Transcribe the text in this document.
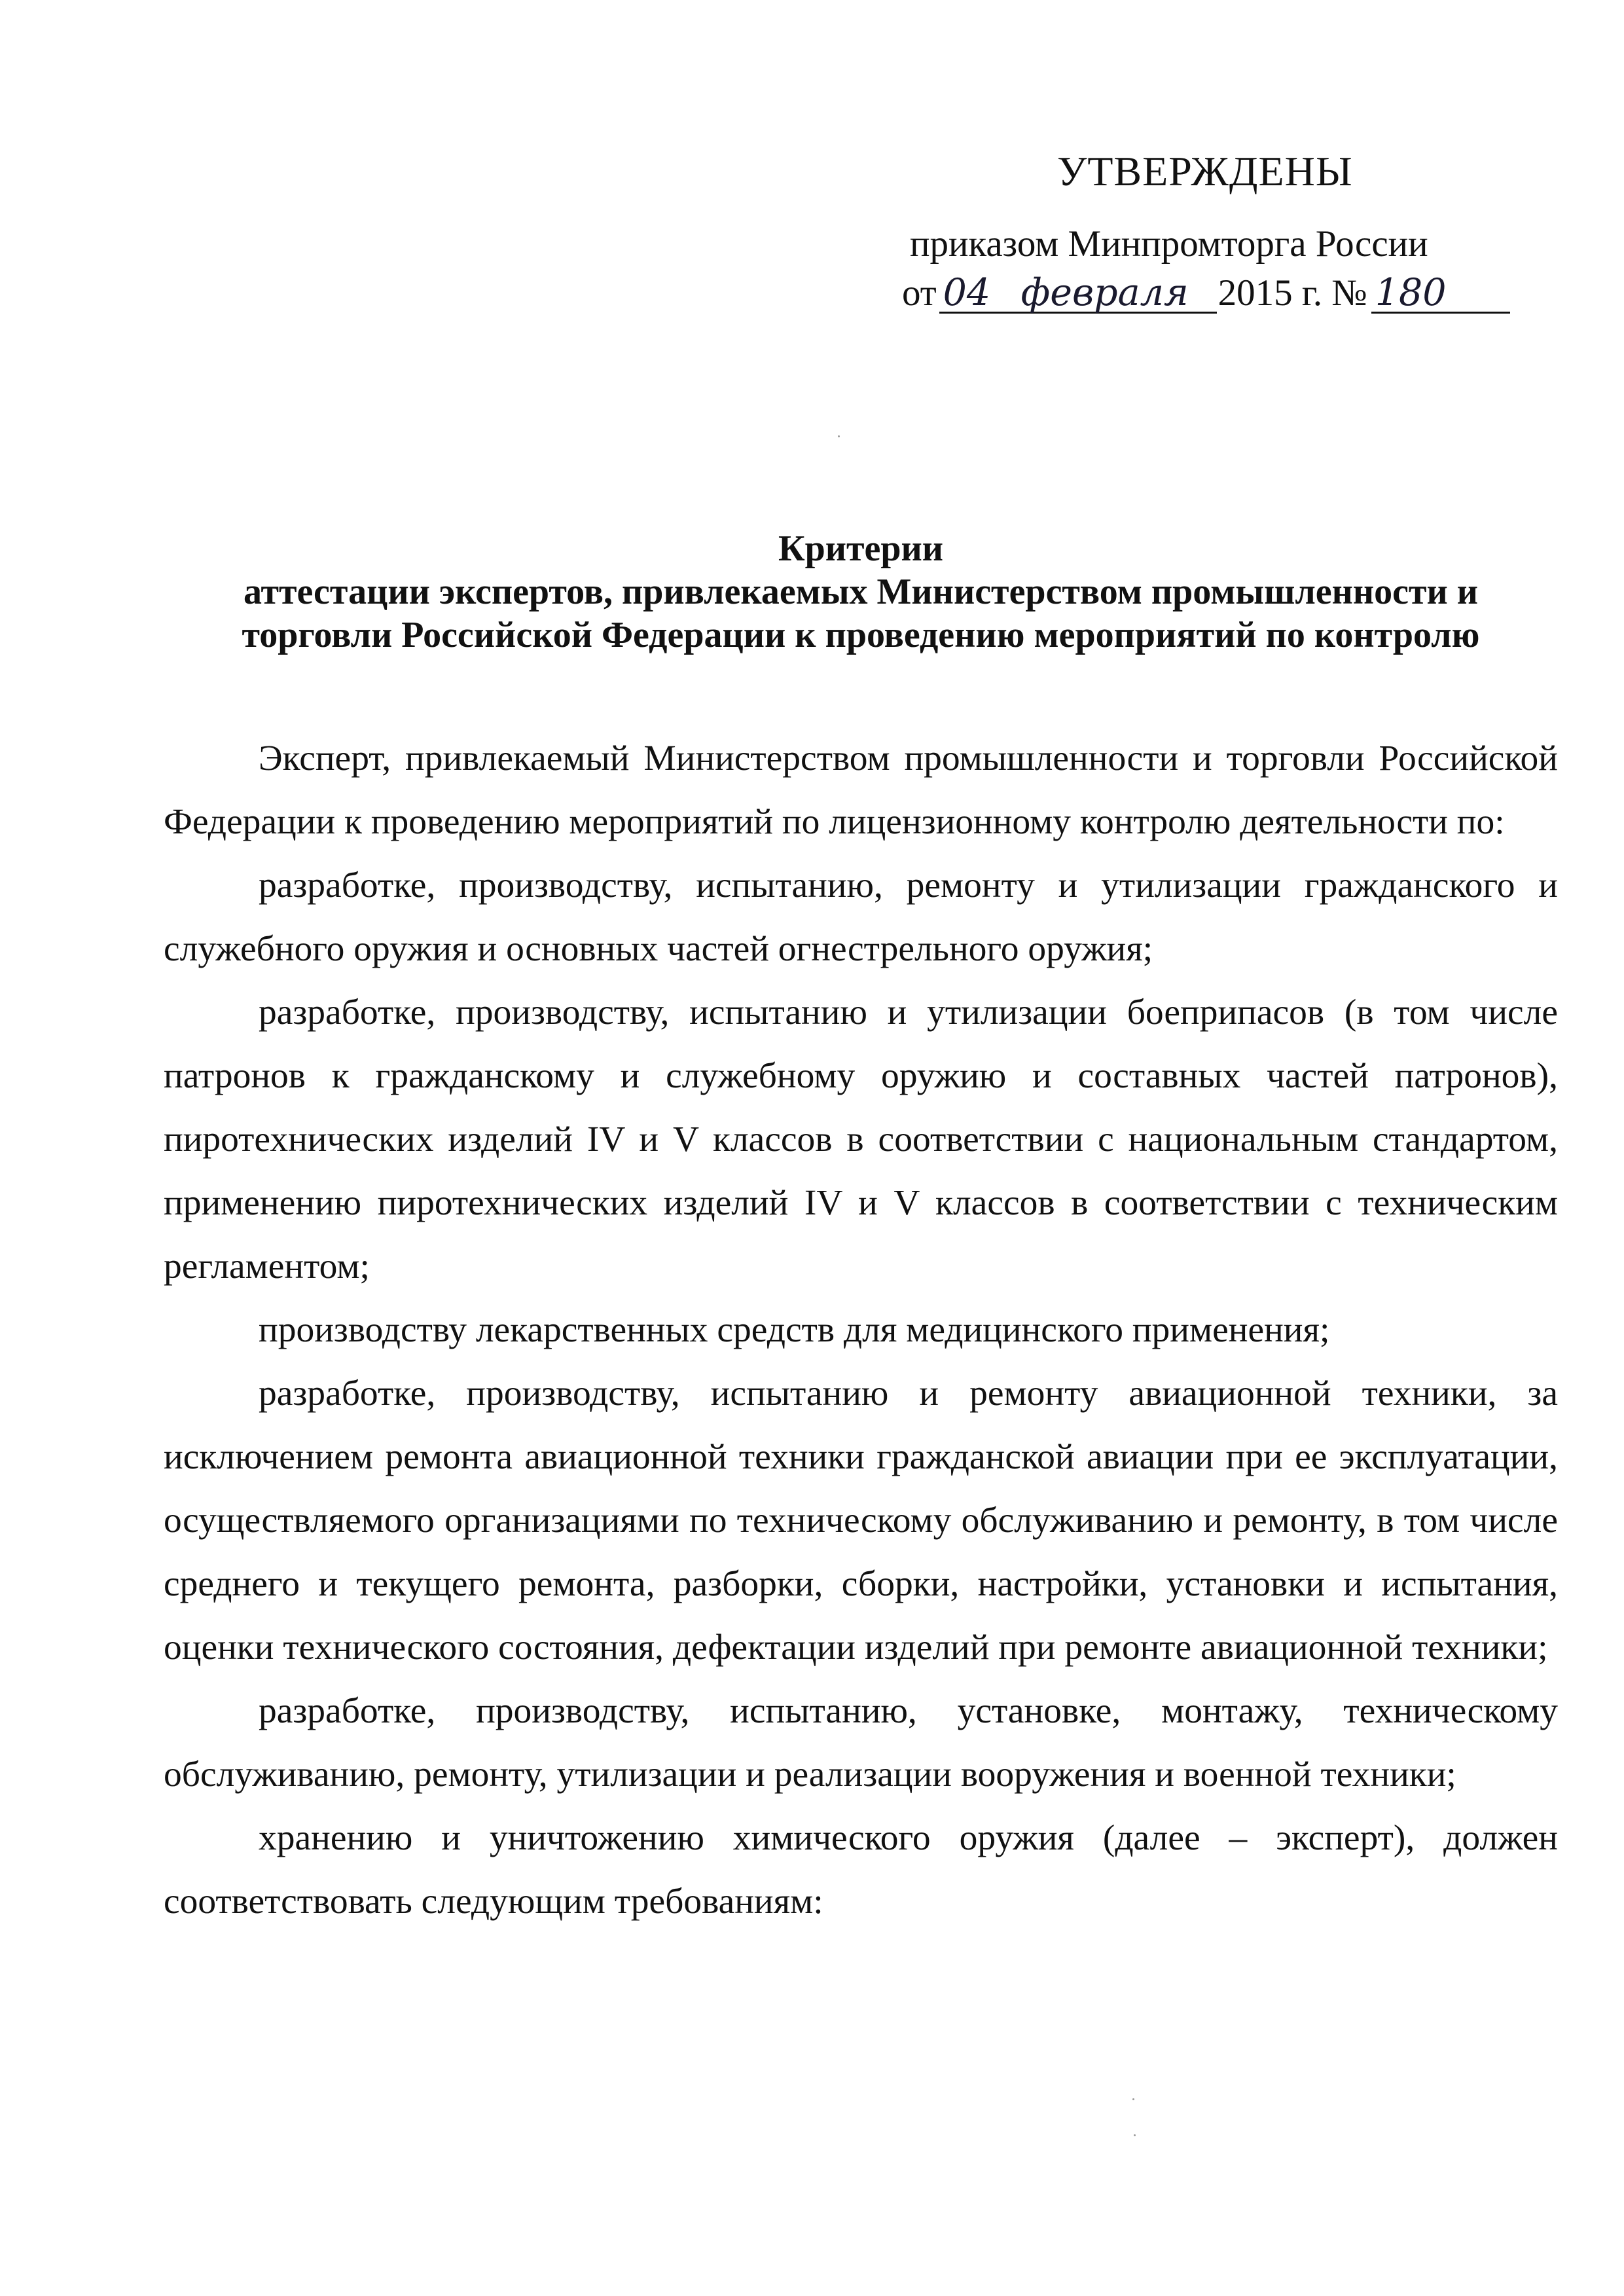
УТВЕРЖДЕНЫ
приказом Минпромторга России
от 04 февраля 2015 г. № 180
Критерии
аттестации экспертов, привлекаемых Министерством промышленности и
торговли Российской Федерации к проведению мероприятий по контролю

Эксперт, привлекаемый Министерством промышленности и торговли Российской Федерации к проведению мероприятий по лицензионному контролю деятельности по:

разработке, производству, испытанию, ремонту и утилизации гражданского и служебного оружия и основных частей огнестрельного оружия;

разработке, производству, испытанию и утилизации боеприпасов (в том числе патронов к гражданскому и служебному оружию и составных частей патронов), пиротехнических изделий IV и V классов в соответствии с национальным стандартом, применению пиротехнических изделий IV и V классов в соответствии с техническим регламентом;

производству лекарственных средств для медицинского применения;

разработке, производству, испытанию и ремонту авиационной техники, за исключением ремонта авиационной техники гражданской авиации при ее эксплуатации, осуществляемого организациями по техническому обслуживанию и ремонту, в том числе среднего и текущего ремонта, разборки, сборки, настройки, установки и испытания, оценки технического состояния, дефектации изделий при ремонте авиационной техники;

разработке, производству, испытанию, установке, монтажу, техническому обслуживанию, ремонту, утилизации и реализации вооружения и военной техники;

хранению и уничтожению химического оружия (далее – эксперт), должен соответствовать следующим требованиям:
